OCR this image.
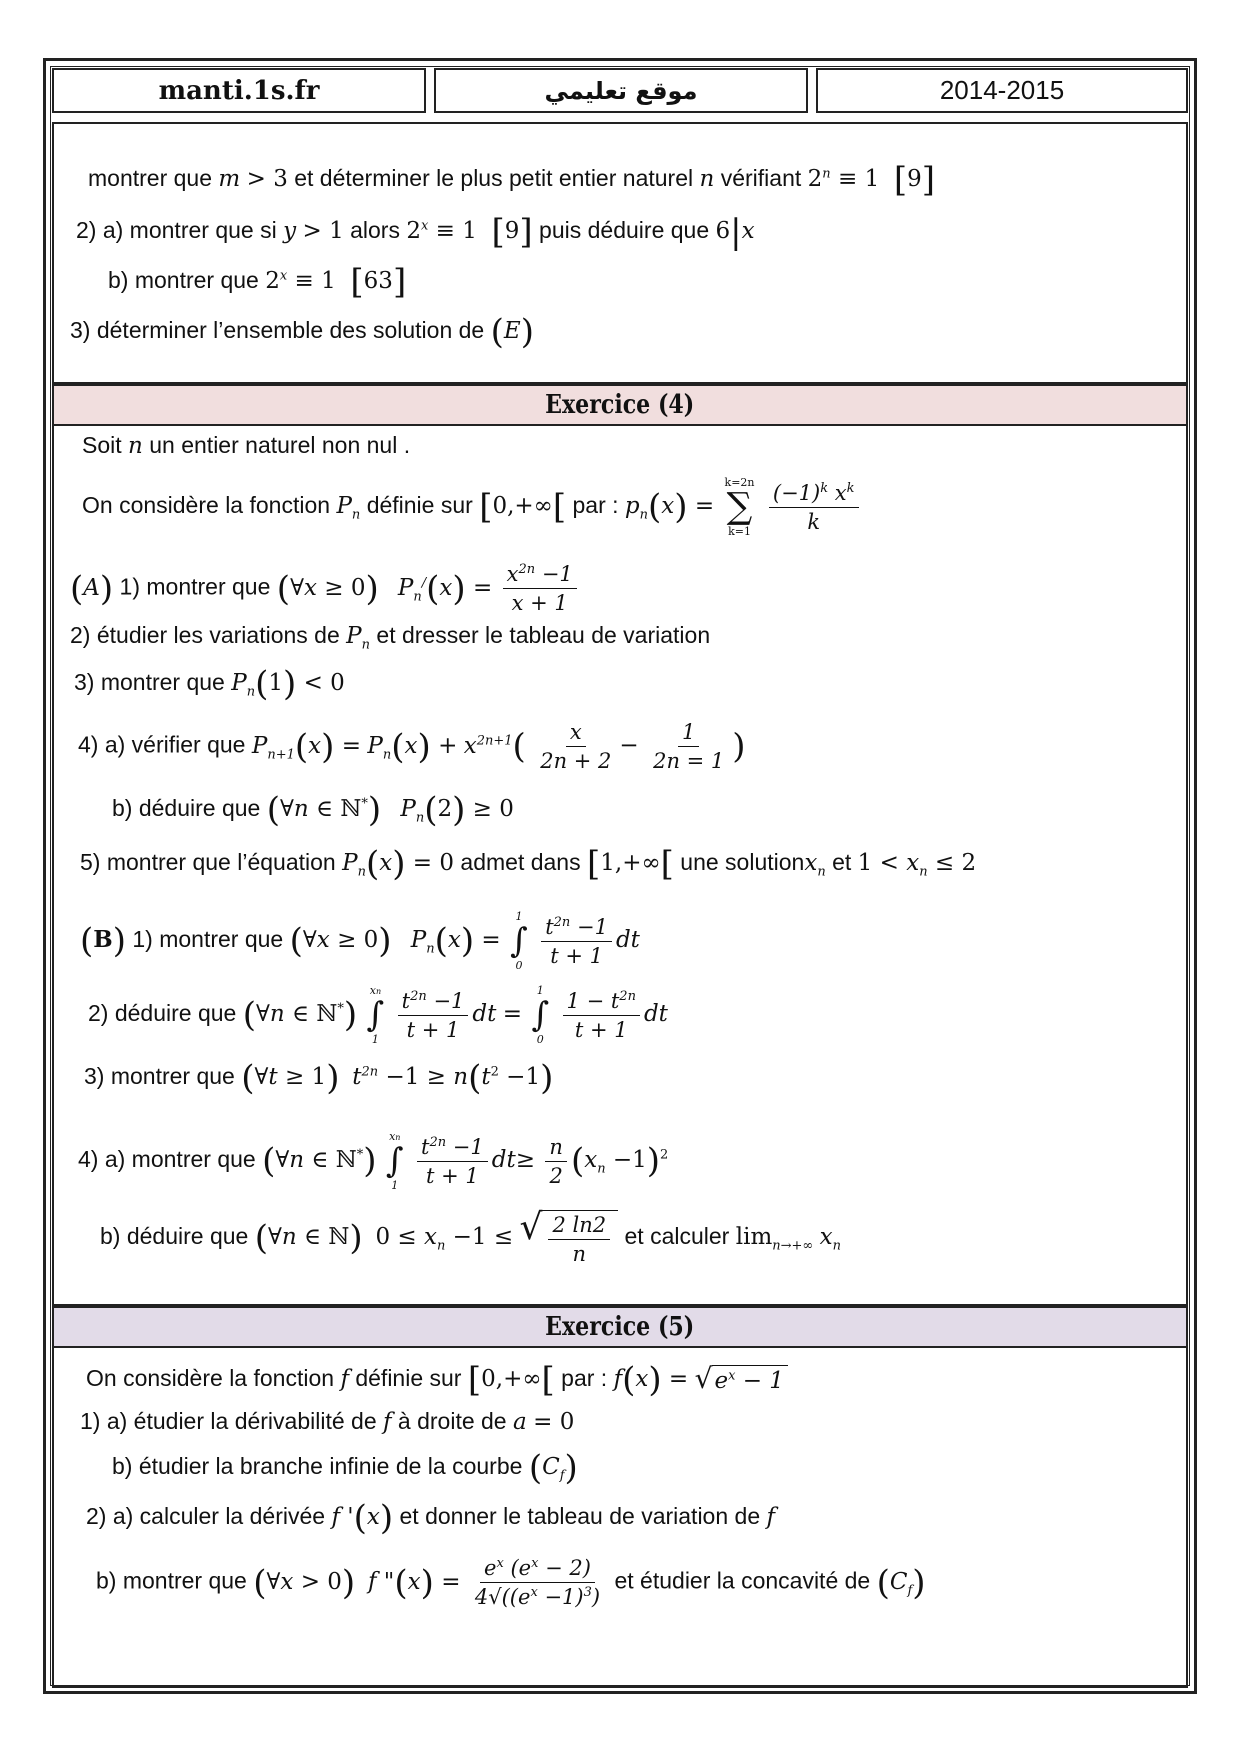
manti.1s.fr	موقع تعليمي	2014-2015
montrer que m > 3 et déterminer le plus petit entier naturel n vérifiant $2^n \equiv 1$  [9]
2) a) montrer que si y > 1 alors $2^x \equiv 1$  [9] puis déduire que 6|x
b) montrer que $2^x \equiv 1$  [63]
3) déterminer l’ensemble des solution de (E)
Exercice (4)
Soit n un entier naturel non nul .
On considère la fonction $P_n$ définie sur [0,+∞[ par : $p_n(x)$ =
k=2n
∑
k=1
$\frac{(-1)^k x^k}{k}$
(A) 1) montrer que (∀x ≥ 0) $P_n^/(x) = \frac{x^{2n} -1}{x + 1}$
2) étudier les variations de $P_n$ et dresser le tableau de variation
3) montrer que $P_n(1) < 0$
4) a) vérifier que $P_{n+1}(x) = P_n(x) + x^{2n+1}( \frac{x}{2n + 2} - \frac{1}{2n = 1}$ )
b) déduire que (∀n ∈ ℕ*) $P_n(2) \ge 0$
5) montrer que l’équation $P_n(x) = 0$ admet dans [1,+∞[ une solutionx$_n$ et $1 < x_n \le 2$
(B) 1) montrer que (∀x ≥ 0) $P_n(x)$ =
1
∫
0
$\frac{t^{2n} -1}{t + 1}$ dt
2) déduire que (∀n ∈ ℕ*)
xn
∫
1
$\frac{t^{2n} -1}{t + 1}$ dt =
1
∫
0
$\frac{1 - t^{2n}}{t + 1}$ dt
3) montrer que (∀t ≥ 1) $t^{2n} -1 \ge n(t^2 -1)$
4) a) montrer que (∀n ∈ ℕ*)
xn
∫
1
$\frac{t^{2n} -1}{t + 1} dt\ge \frac{n}{2} (x_n -1)^2$
b) déduire que (∀n ∈ ℕ) $0 \le x_n -1$ ≤ √ $\frac{2 \ln 2}{n}$ et calculer $\lim_{n\to+\infty} x_n$
Exercice (5)
On considère la fonction f définie sur [0,+∞[ par : f(x) = √ $e^x - 1$
1) a) étudier la dérivabilité de f à droite de a = 0
b) étudier la branche infinie de la courbe $(C_f)$
2) a) calculer la dérivée f '(x) et donner le tableau de variation de f
b) montrer que (∀x > 0) f "$(x) = \frac{e^x (e^x - 2)}{4√((e^x -1)^3)}$ et étudier la concavité de $(C_f)$
